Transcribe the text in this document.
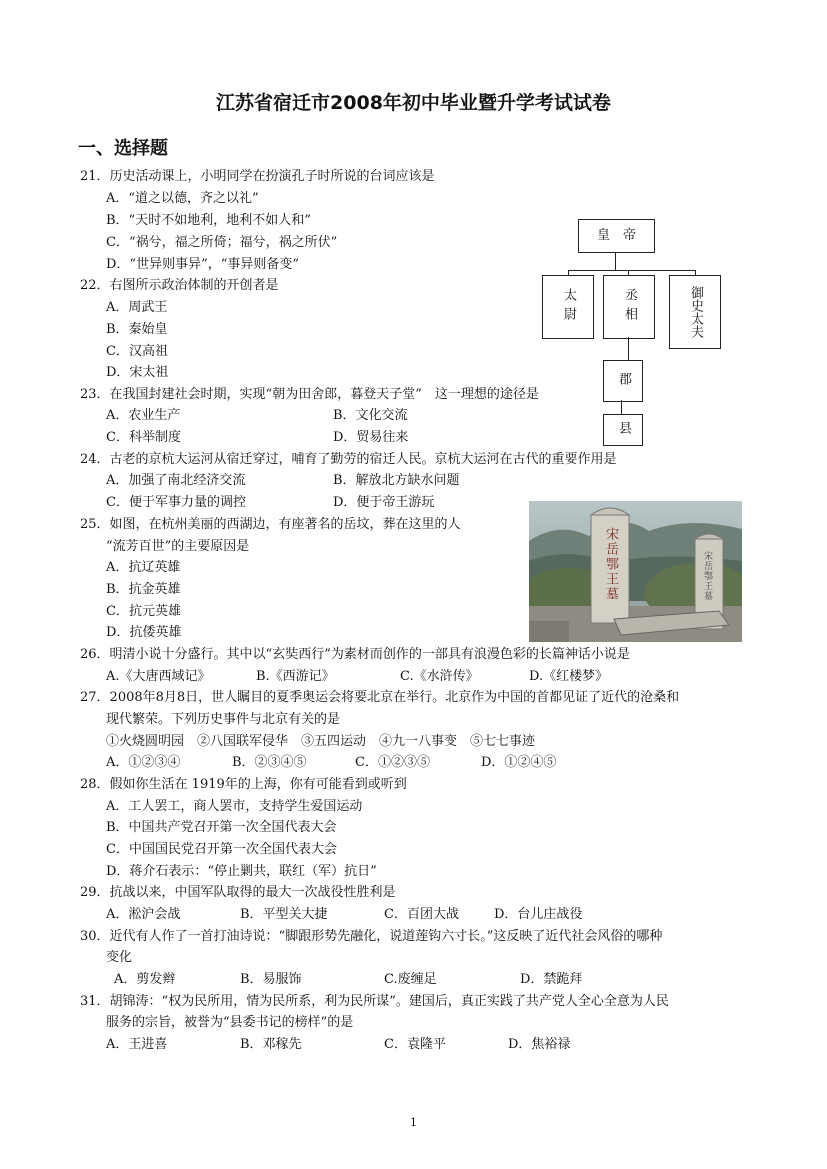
江苏省宿迁市2008年初中毕业暨升学考试试卷
一、选择题
21．历史活动课上，小明同学在扮演孔子时所说的台词应该是
A．“道之以德，齐之以礼”
B．“天时不如地利，地利不如人和”
C．“祸兮，福之所倚；福兮，祸之所伏”
D．“世异则事异”，“事异则备变”
22．右图所示政治体制的开创者是
A．周武王
B．秦始皇
C．汉高祖
D．宋太祖
皇　帝
太尉	丞相	御史太夫
郡
县
23．在我国封建社会时期，实现“朝为田舍郎，暮登天子堂”　这一理想的途径是
A．农业生产	B．文化交流
C．科举制度	D．贸易往来
24．古老的京杭大运河从宿迁穿过，哺育了勤劳的宿迁人民。京杭大运河在古代的重要作用是
A．加强了南北经济交流	B．解放北方缺水问题
C．便于军事力量的调控	D．便于帝王游玩
25．如图，在杭州美丽的西湖边，有座著名的岳坟，葬在这里的人
“流芳百世”的主要原因是
A．抗辽英雄
B．抗金英雄
C．抗元英雄
D．抗倭英雄
宋岳鄂王墓	宋岳鄂王墓
26．明清小说十分盛行。其中以“玄奘西行”为素材而创作的一部具有浪漫色彩的长篇神话小说是
A.《大唐西域记》	B.《西游记》	C.《水浒传》	D.《红楼梦》
27．2008年8月8日，世人瞩目的夏季奥运会将要北京在举行。北京作为中国的首都见证了近代的沧桑和
现代繁荣。下列历史事件与北京有关的是
①火烧圆明园　②八国联军侵华　③五四运动　④九一八事变　⑤七七事迹
A．①②③④	B．②③④⑤	C．①②③⑤	D．①②④⑤
28．假如你生活在 1919年的上海，你有可能看到或听到
A．工人罢工，商人罢市，支持学生爱国运动
B．中国共产党召开第一次全国代表大会
C．中国国民党召开第一次全国代表大会
D．蒋介石表示：“停止剿共，联红（军）抗日”
29．抗战以来，中国军队取得的最大一次战役性胜利是
A．淞沪会战	B．平型关大捷	C．百团大战	D．台儿庄战役
30．近代有人作了一首打油诗说：“脚跟形势先融化，说道莲钩六寸长。”这反映了近代社会风俗的哪种
变化
A．剪发辫	B．易服饰	C.废缠足	D．禁跪拜
31．胡锦涛：“权为民所用，情为民所系，利为民所谋”。建国后，真正实践了共产党人全心全意为人民
服务的宗旨，被誉为“县委书记的榜样”的是
A．王进喜	B．邓稼先	C．袁隆平	D．焦裕禄
1
